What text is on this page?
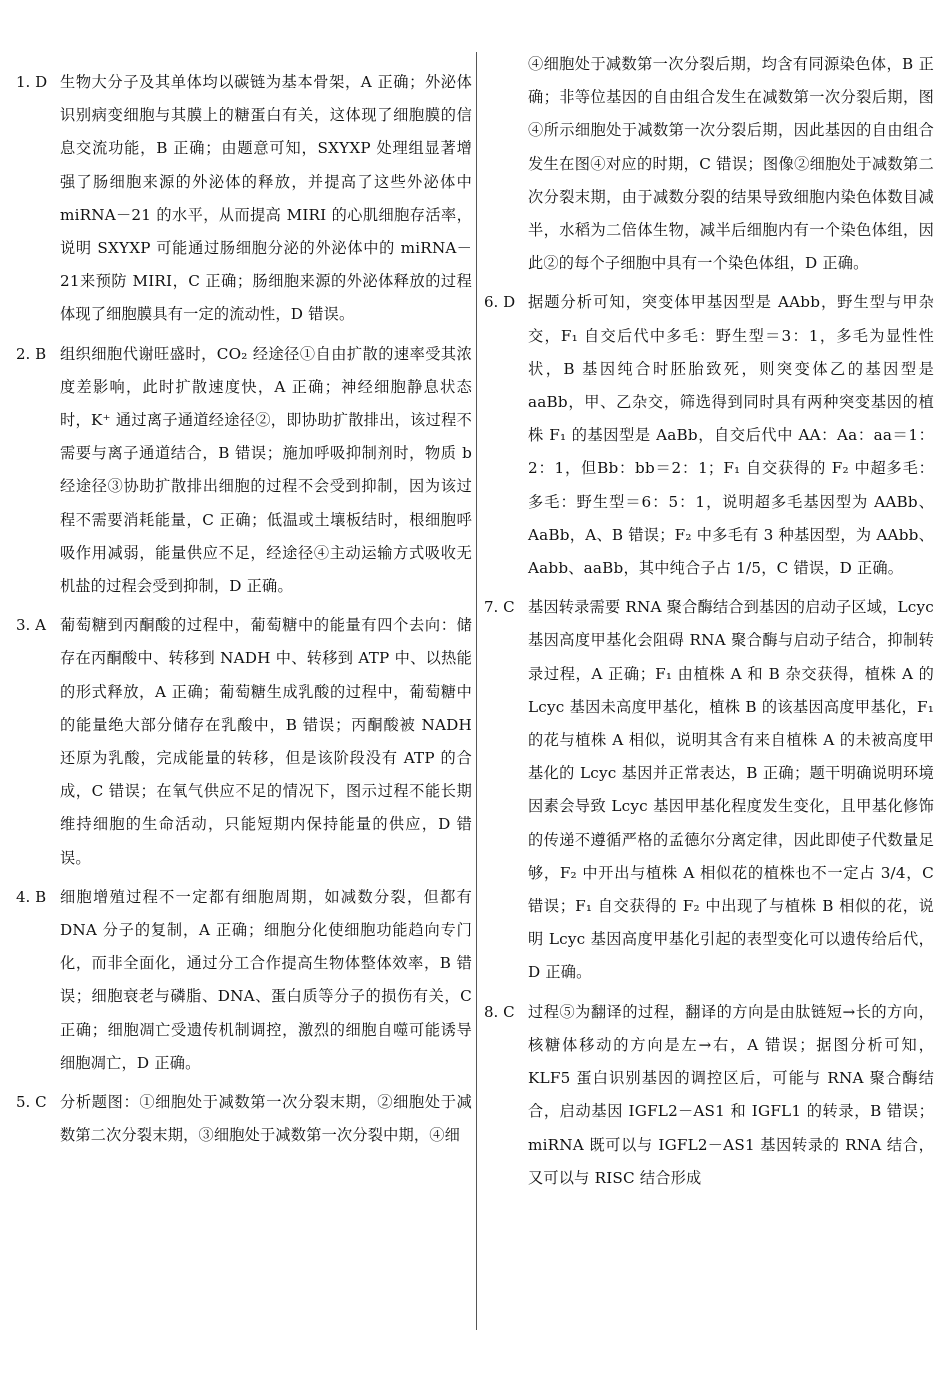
1. D 生物大分子及其单体均以碳链为基本骨架，A 正确；外泌体识别病变细胞与其膜上的糖蛋白有关，这体现了细胞膜的信息交流功能，B 正确；由题意可知，SXYXP 处理组显著增强了肠细胞来源的外泌体的释放，并提高了这些外泌体中 miRNA－21 的水平，从而提高 MIRI 的心肌细胞存活率，说明 SXYXP 可能通过肠细胞分泌的外泌体中的 miRNA－21来预防 MIRI，C 正确；肠细胞来源的外泌体释放的过程体现了细胞膜具有一定的流动性，D 错误。
2. B 组织细胞代谢旺盛时，CO₂ 经途径①自由扩散的速率受其浓度差影响，此时扩散速度快，A 正确；神经细胞静息状态时，K⁺ 通过离子通道经途径②，即协助扩散排出，该过程不需要与离子通道结合，B 错误；施加呼吸抑制剂时，物质 b 经途径③协助扩散排出细胞的过程不会受到抑制，因为该过程不需要消耗能量，C 正确；低温或土壤板结时，根细胞呼吸作用减弱，能量供应不足，经途径④主动运输方式吸收无机盐的过程会受到抑制，D 正确。
3. A 葡萄糖到丙酮酸的过程中，葡萄糖中的能量有四个去向：储存在丙酮酸中、转移到 NADH 中、转移到 ATP 中、以热能的形式释放，A 正确；葡萄糖生成乳酸的过程中，葡萄糖中的能量绝大部分储存在乳酸中，B 错误；丙酮酸被 NADH 还原为乳酸，完成能量的转移，但是该阶段没有 ATP 的合成，C 错误；在氧气供应不足的情况下，图示过程不能长期维持细胞的生命活动，只能短期内保持能量的供应，D 错误。
4. B 细胞增殖过程不一定都有细胞周期，如减数分裂，但都有 DNA 分子的复制，A 正确；细胞分化使细胞功能趋向专门化，而非全面化，通过分工合作提高生物体整体效率，B 错误；细胞衰老与磷脂、DNA、蛋白质等分子的损伤有关，C 正确；细胞凋亡受遗传机制调控，激烈的细胞自噬可能诱导细胞凋亡，D 正确。
5. C 分析题图：①细胞处于减数第一次分裂末期，②细胞处于减数第二次分裂末期，③细胞处于减数第一次分裂中期，④细
④细胞处于减数第一次分裂后期，均含有同源染色体，B 正确；非等位基因的自由组合发生在减数第一次分裂后期，图④所示细胞处于减数第一次分裂后期，因此基因的自由组合发生在图④对应的时期，C 错误；图像②细胞处于减数第二次分裂末期，由于减数分裂的结果导致细胞内染色体数目减半，水稻为二倍体生物，减半后细胞内有一个染色体组，因此②的每个子细胞中具有一个染色体组，D 正确。
6. D 据题分析可知，突变体甲基因型是 AAbb，野生型与甲杂交，F₁ 自交后代中多毛：野生型＝3：1，多毛为显性性状，B 基因纯合时胚胎致死，则突变体乙的基因型是 aaBb，甲、乙杂交，筛选得到同时具有两种突变基因的植株 F₁ 的基因型是 AaBb，自交后代中 AA：Aa：aa＝1：2：1，但Bb：bb＝2：1；F₁ 自交获得的 F₂ 中超多毛：多毛：野生型＝6：5：1，说明超多毛基因型为 AABb、AaBb，A、B 错误；F₂ 中多毛有 3 种基因型，为 AAbb、Aabb、aaBb，其中纯合子占 1/5，C 错误，D 正确。
7. C 基因转录需要 RNA 聚合酶结合到基因的启动子区域，Lcyc 基因高度甲基化会阻碍 RNA 聚合酶与启动子结合，抑制转录过程，A 正确；F₁ 由植株 A 和 B 杂交获得，植株 A 的 Lcyc 基因未高度甲基化，植株 B 的该基因高度甲基化，F₁ 的花与植株 A 相似，说明其含有来自植株 A 的未被高度甲基化的 Lcyc 基因并正常表达，B 正确；题干明确说明环境因素会导致 Lcyc 基因甲基化程度发生变化，且甲基化修饰的传递不遵循严格的孟德尔分离定律，因此即使子代数量足够，F₂ 中开出与植株 A 相似花的植株也不一定占 3/4，C 错误；F₁ 自交获得的 F₂ 中出现了与植株 B 相似的花，说明 Lcyc 基因高度甲基化引起的表型变化可以遗传给后代，D 正确。
8. C 过程⑤为翻译的过程，翻译的方向是由肽链短→长的方向，核糖体移动的方向是左→右，A 错误；据图分析可知，KLF5 蛋白识别基因的调控区后，可能与 RNA 聚合酶结合，启动基因 IGFL2－AS1 和 IGFL1 的转录，B 错误；miRNA 既可以与 IGFL2－AS1 基因转录的 RNA 结合，又可以与 RISC 结合形成
